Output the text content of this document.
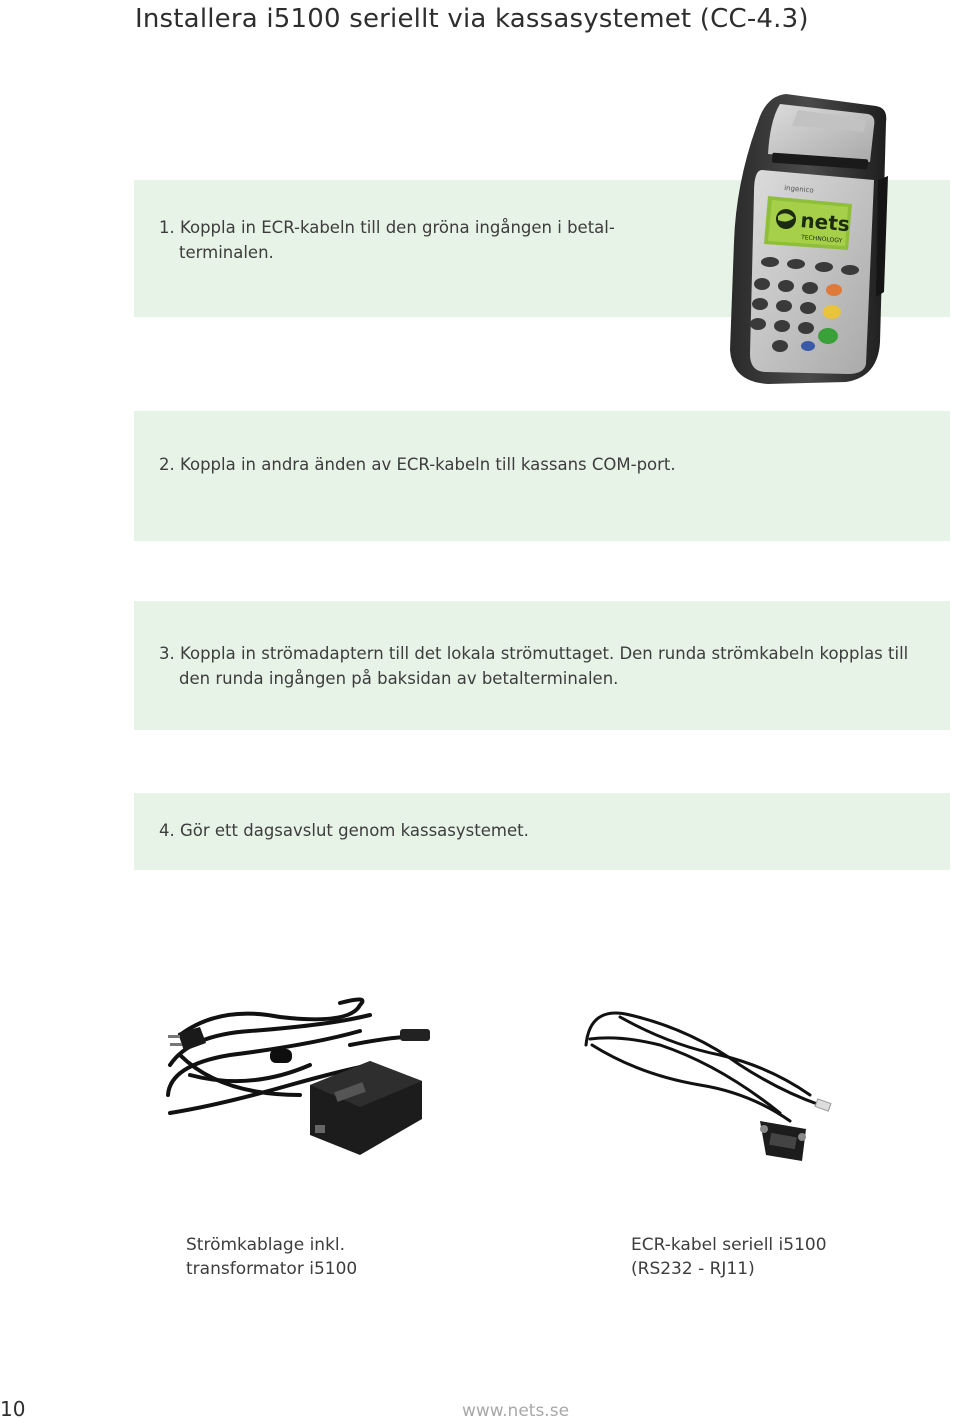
Installera i5100 seriellt via kassasystemet (CC-4.3)

1. Koppla in ECR-kabeln till den gröna ingången i betal-terminalen.

2. Koppla in andra änden av ECR-kabeln till kassans COM-port.

3. Koppla in strömadaptern till det lokala strömuttaget. Den runda strömkabeln kopplas till den runda ingången på baksidan av betalterminalen.

4. Gör ett dagsavslut genom kassasystemet.

ingenico
nets
TECHNOLOGY
Strömkablage inkl.
transformator i5100
ECR-kabel seriell i5100
(RS232 - RJ11)
10	www.nets.se
